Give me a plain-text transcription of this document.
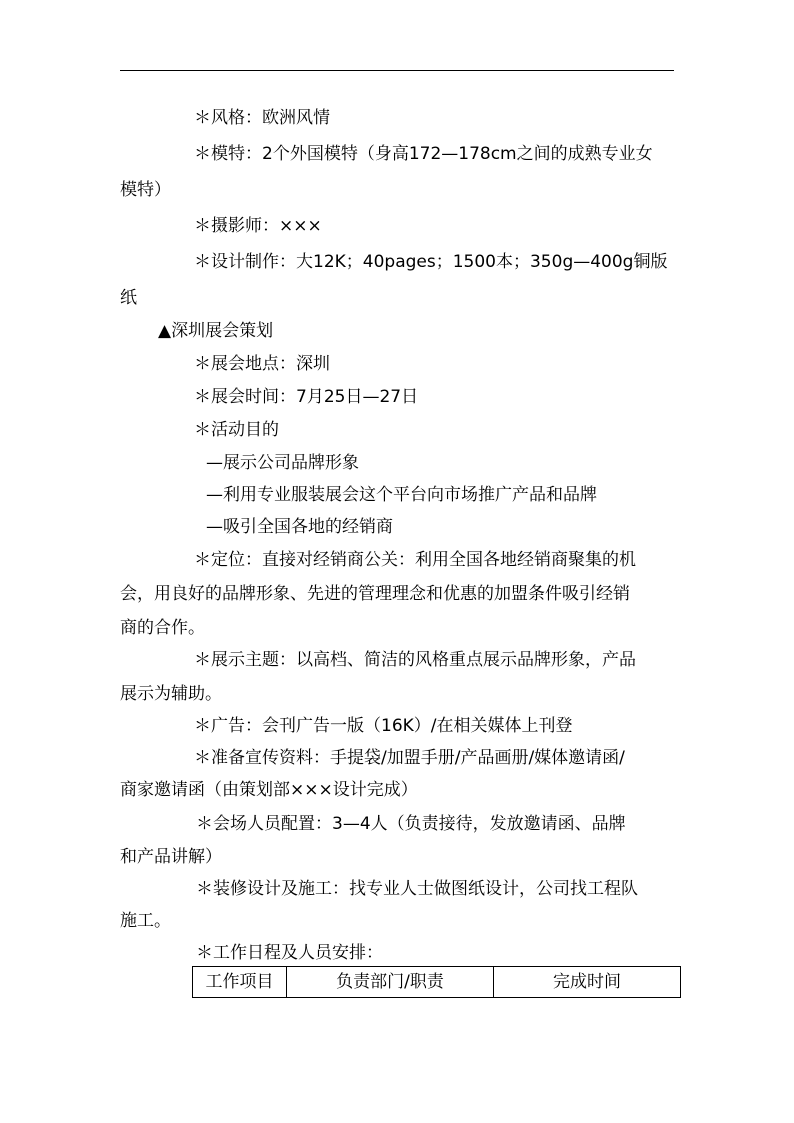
＊风格：欧洲风情
＊模特：2个外国模特（身高172—178cm之间的成熟专业女
模特）
＊摄影师：×××
＊设计制作：大12K；40pages；1500本；350g—400g铜版
纸
▲深圳展会策划
＊展会地点：深圳
＊展会时间：7月25日—27日
＊活动目的
—展示公司品牌形象
—利用专业服装展会这个平台向市场推广产品和品牌
—吸引全国各地的经销商
＊定位：直接对经销商公关：利用全国各地经销商聚集的机
会，用良好的品牌形象、先进的管理理念和优惠的加盟条件吸引经销
商的合作。
＊展示主题：以高档、简洁的风格重点展示品牌形象，产品
展示为辅助。
＊广告：会刊广告一版（16K）/在相关媒体上刊登
＊准备宣传资料：手提袋/加盟手册/产品画册/媒体邀请函/
商家邀请函（由策划部×××设计完成）
＊会场人员配置：3—4人（负责接待，发放邀请函、品牌
和产品讲解）
＊装修设计及施工：找专业人士做图纸设计，公司找工程队
施工。
＊工作日程及人员安排：
工作项目	负责部门/职责	完成时间
